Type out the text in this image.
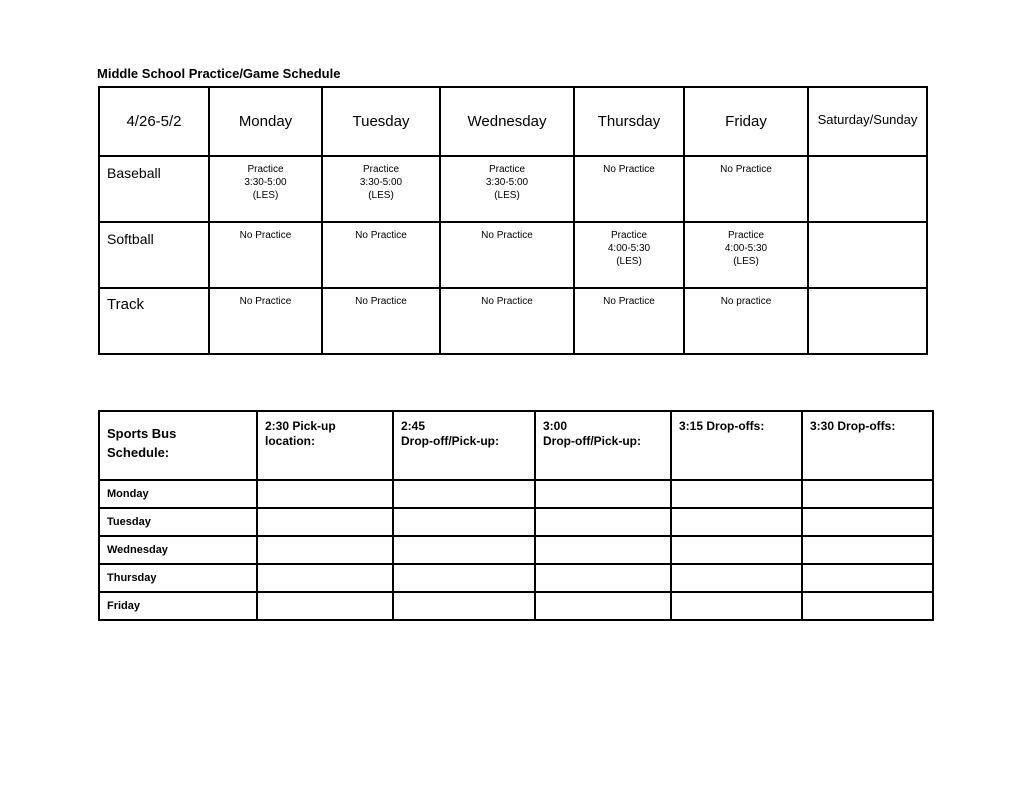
Middle School Practice/Game Schedule
4/26-5/2	Monday	Tuesday	Wednesday	Thursday	Friday	Saturday/Sunday
Baseball	Practice
3:30-5:00
(LES)	Practice
3:30-5:00
(LES)	Practice
3:30-5:00
(LES)	No Practice	No Practice	
Softball	No Practice	No Practice	No Practice	Practice
4:00-5:30
(LES)	Practice
4:00-5:30
(LES)	
Track	No Practice	No Practice	No Practice	No Practice	No practice	
Sports Bus
Schedule:	2:30 Pick-up
location:	2:45
Drop-off/Pick-up:	3:00
Drop-off/Pick-up:	3:15 Drop-offs:	3:30 Drop-offs:
Monday					
Tuesday					
Wednesday					
Thursday					
Friday					
